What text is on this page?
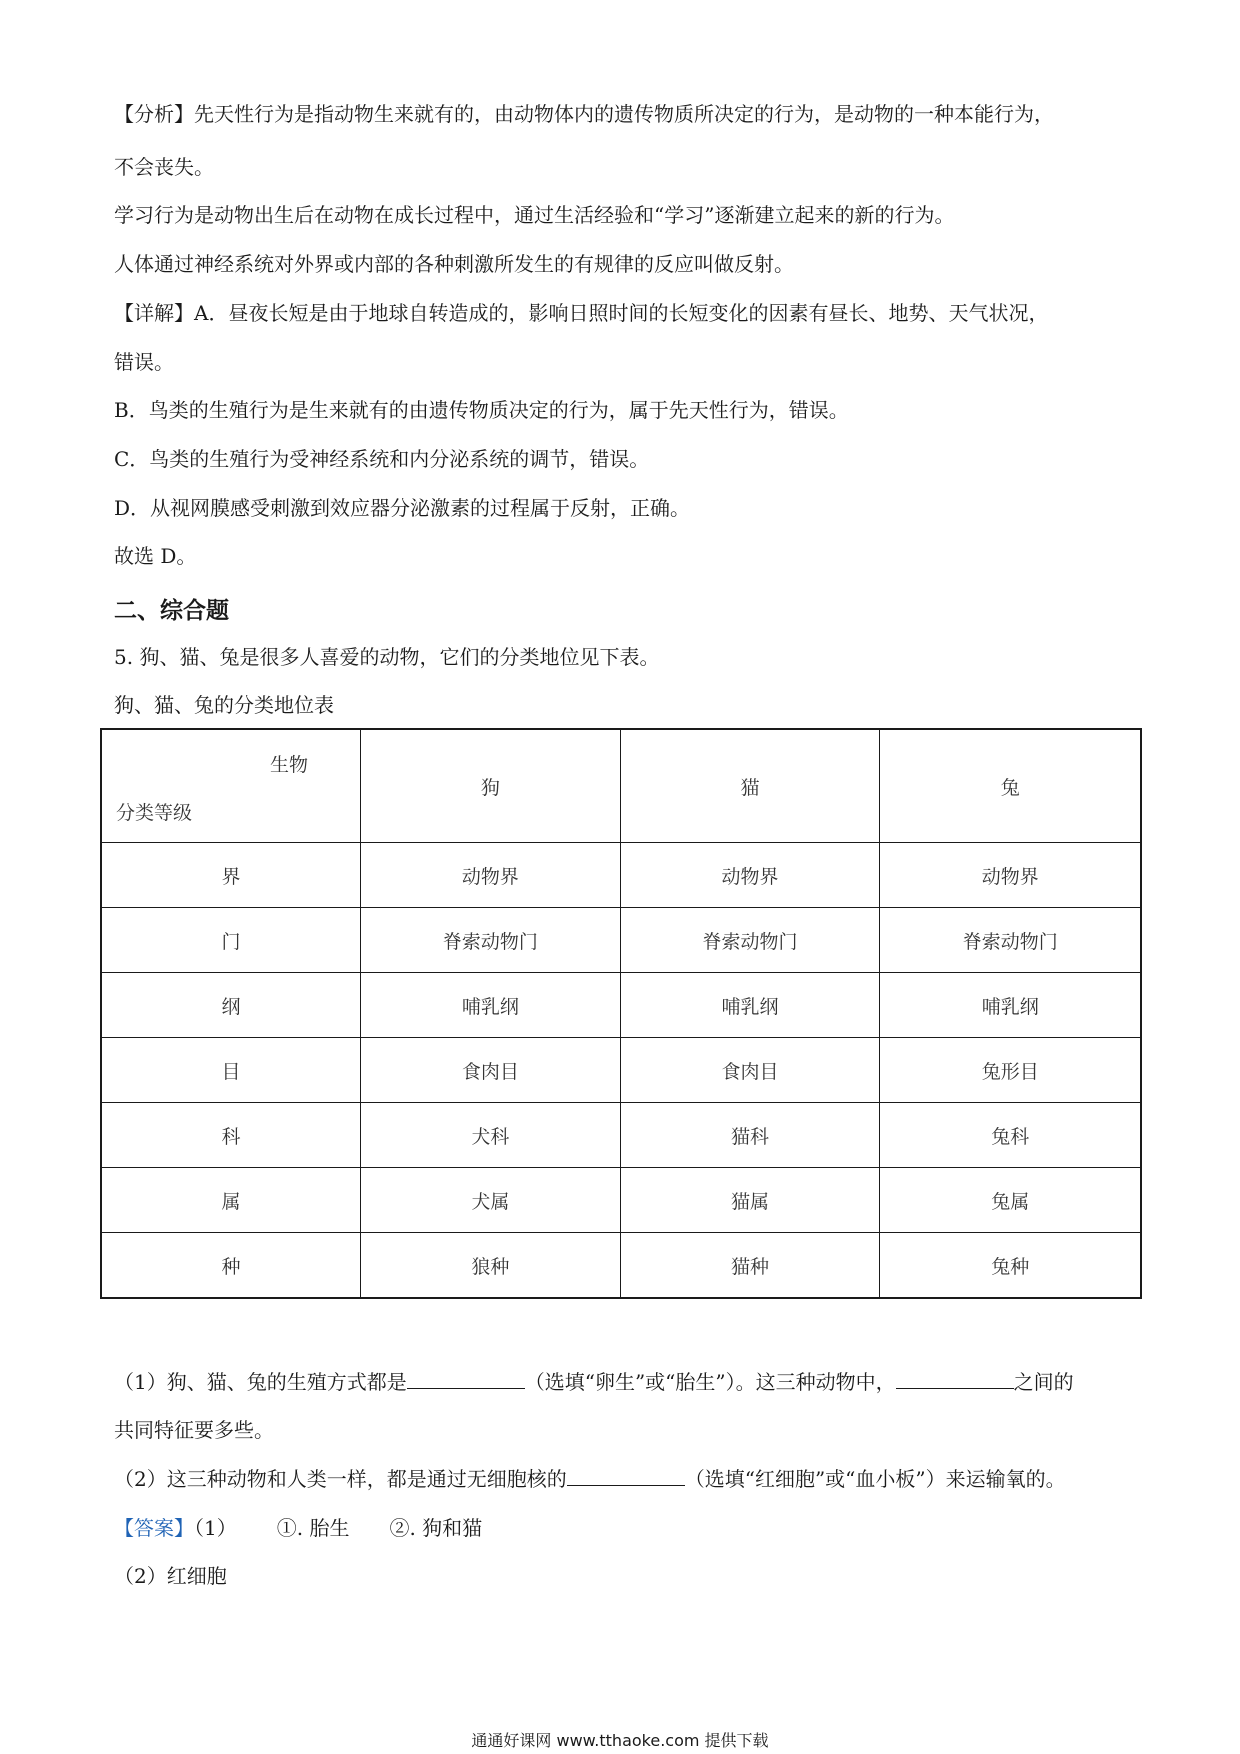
【分析】先天性行为是指动物生来就有的，由动物体内的遗传物质所决定的行为，是动物的一种本能行为，
不会丧失。
学习行为是动物出生后在动物在成长过程中，通过生活经验和“学习”逐渐建立起来的新的行为。
人体通过神经系统对外界或内部的各种刺激所发生的有规律的反应叫做反射。
【详解】A．昼夜长短是由于地球自转造成的，影响日照时间的长短变化的因素有昼长、地势、天气状况，
错误。
B．鸟类的生殖行为是生来就有的由遗传物质决定的行为，属于先天性行为，错误。
C．鸟类的生殖行为受神经系统和内分泌系统的调节，错误。
D．从视网膜感受刺激到效应器分泌激素的过程属于反射，正确。
故选 D。
二、综合题
5. 狗、猫、兔是很多人喜爱的动物，它们的分类地位见下表。
狗、猫、兔的分类地位表
生物
分类等级	狗	猫	兔
界	动物界	动物界	动物界
门	脊索动物门	脊索动物门	脊索动物门
纲	哺乳纲	哺乳纲	哺乳纲
目	食肉目	食肉目	兔形目
科	犬科	猫科	兔科
属	犬属	猫属	兔属
种	狼种	猫种	兔种
（1）狗、猫、兔的生殖方式都是	（选填“卵生”或“胎生”）。这三种动物中，	之间的
共同特征要多些。
（2）这三种动物和人类一样，都是通过无细胞核的	（选填“红细胞”或“血小板”）来运输氧的。
【答案】（1） ①. 胎生 ②. 狗和猫
（2）红细胞
通通好课网 www.tthaoke.com 提供下载
